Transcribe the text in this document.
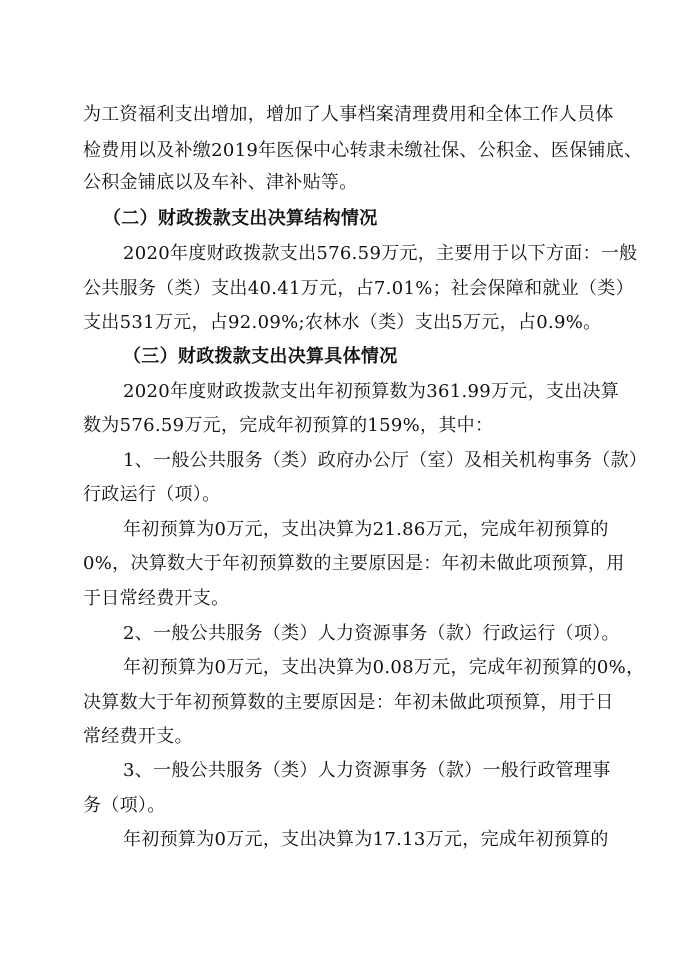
为工资福利支出增加，增加了人事档案清理费用和全体工作人员体
检费用以及补缴2019年医保中心转隶未缴社保、公积金、医保铺底、
公积金铺底以及车补、津补贴等。
（二）财政拨款支出决算结构情况
2020年度财政拨款支出576.59万元，主要用于以下方面：一般
公共服务（类）支出40.41万元，占7.01%；社会保障和就业（类）
支出531万元，占92.09%;农林水（类）支出5万元，占0.9%。
（三）财政拨款支出决算具体情况
2020年度财政拨款支出年初预算数为361.99万元，支出决算
数为576.59万元，完成年初预算的159%，其中：
1、一般公共服务（类）政府办公厅（室）及相关机构事务（款）
行政运行（项）。
年初预算为0万元，支出决算为21.86万元，完成年初预算的
0%，决算数大于年初预算数的主要原因是：年初未做此项预算，用
于日常经费开支。
2、一般公共服务（类）人力资源事务（款）行政运行（项）。
年初预算为0万元，支出决算为0.08万元，完成年初预算的0%，
决算数大于年初预算数的主要原因是：年初未做此项预算，用于日
常经费开支。
3、一般公共服务（类）人力资源事务（款）一般行政管理事
务（项）。
年初预算为0万元，支出决算为17.13万元，完成年初预算的
